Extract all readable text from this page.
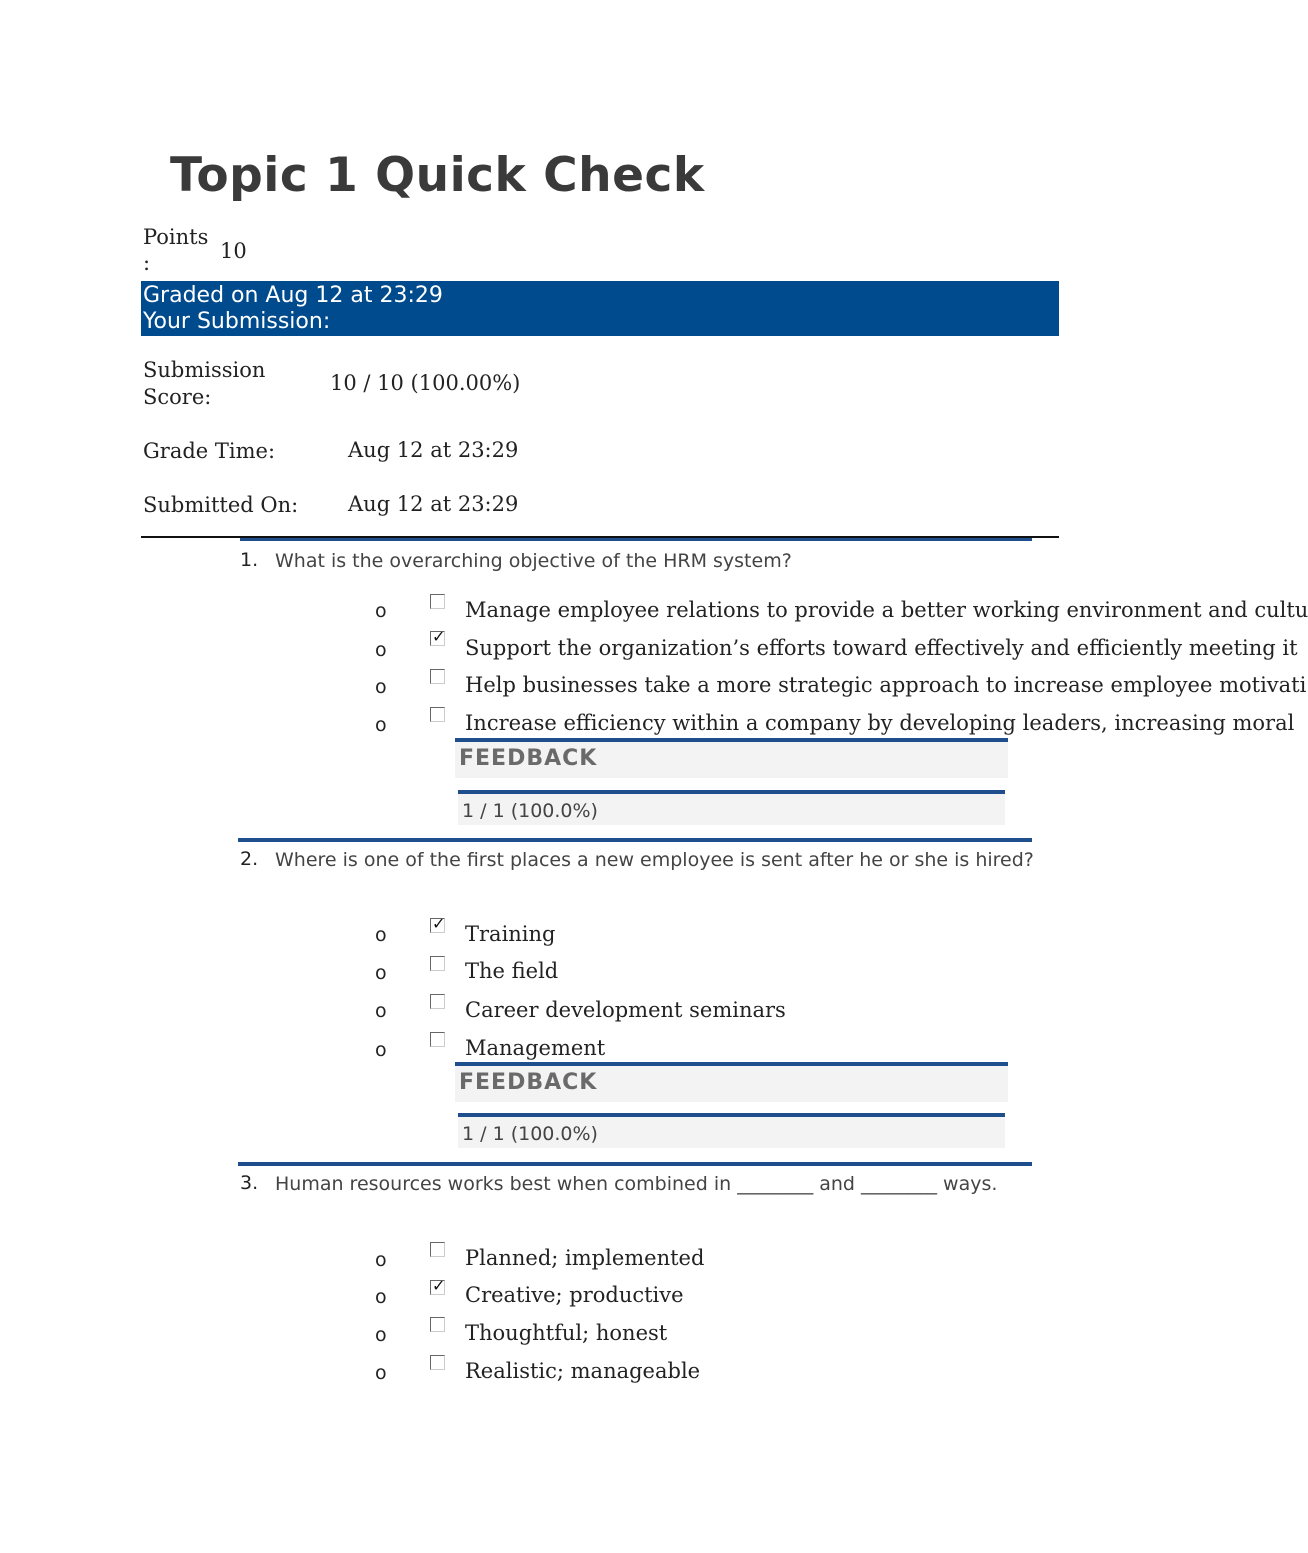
Topic 1 Quick Check
Points :	10
Graded on Aug 12 at 23:29
Your Submission:
Submission Score:
10 / 10 (100.00%)
Grade Time:	Aug 12 at 23:29
Submitted On: Aug 12 at 23:29
1. What is the overarching objective of the HRM system?
o	Manage employee relations to provide a better working environment and cultu
o
✓ Support the organization’s efforts toward effectively and efficiently meeting it
o	Help businesses take a more strategic approach to increase employee motivati
o	Increase efficiency within a company by developing leaders, increasing moral
FEEDBACK
1 / 1 (100.0%)
2. Where is one of the first places a new employee is sent after he or she is hired?
o
✓ Training
o	The field
o	Career development seminars
o	Management
FEEDBACK
1 / 1 (100.0%)
3. Human resources works best when combined in ________ and ________ ways.
o	Planned; implemented
o
✓ Creative; productive
o	Thoughtful; honest
o	Realistic; manageable
